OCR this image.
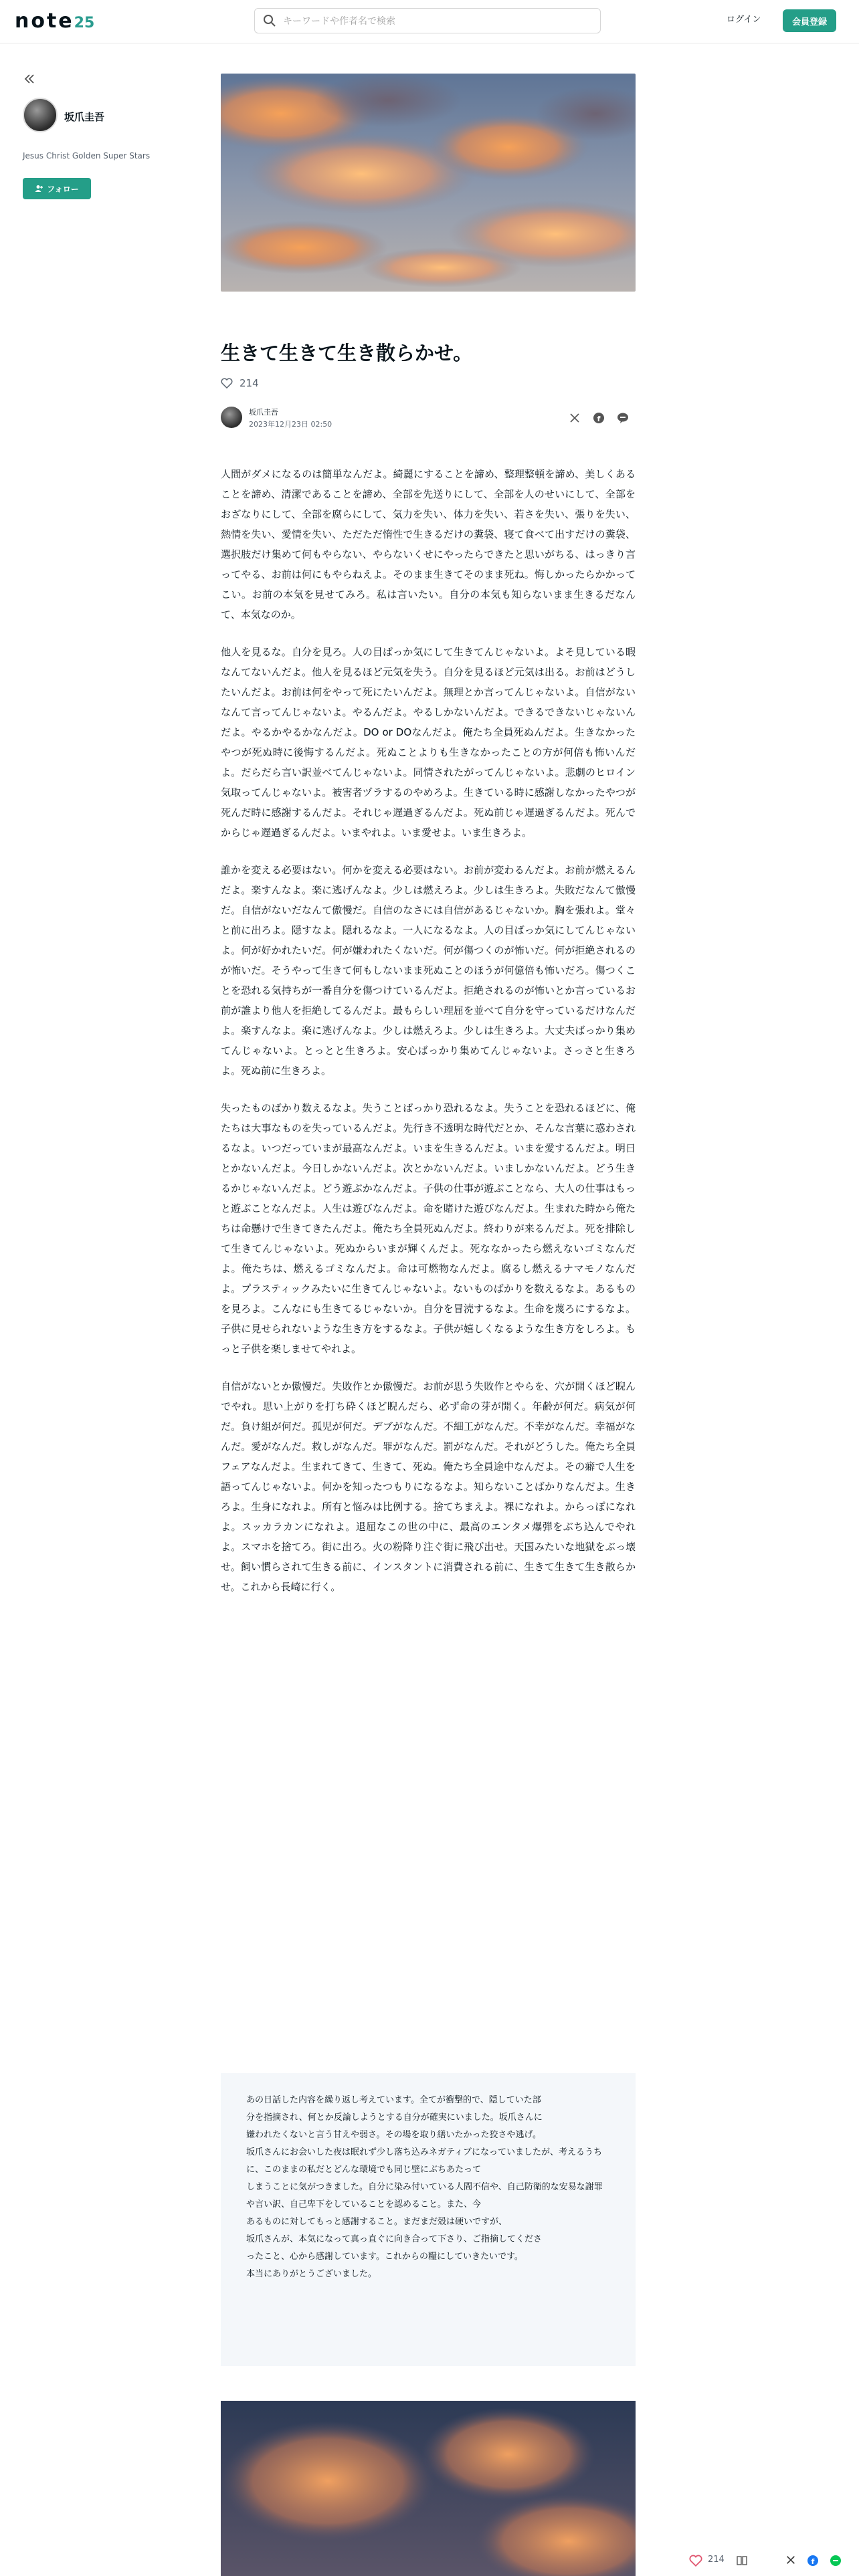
note25
キーワードや作者名で検索	ログイン	会員登録
坂爪圭吾
Jesus Christ Golden Super Stars
フォロー
生きて生きて生き散らかせ。
214
坂爪圭吾
2023年12月23日 02:50
f

人間がダメになるのは簡単なんだよ。綺麗にすることを諦め、整理整頓を諦め、美しくあることを諦め、清潔であることを諦め、全部を先送りにして、全部を人のせいにして、全部をおざなりにして、全部を腐らにして、気力を失い、体力を失い、若さを失い、張りを失い、熱情を失い、愛情を失い、ただただ惰性で生きるだけの糞袋、寝て食べて出すだけの糞袋、選択肢だけ集めて何もやらない、やらないくせにやったらできたと思いがちる、はっきり言ってやる、お前は何にもやらねえよ。そのまま生きてそのまま死ね。悔しかったらかかってこい。お前の本気を見せてみろ。私は言いたい。自分の本気も知らないまま生きるだなんて、本気なのか。

他人を見るな。自分を見ろ。人の目ばっか気にして生きてんじゃないよ。よそ見している暇なんてないんだよ。他人を見るほど元気を失う。自分を見るほど元気は出る。お前はどうしたいんだよ。お前は何をやって死にたいんだよ。無理とか言ってんじゃないよ。自信がないなんて言ってんじゃないよ。やるんだよ。やるしかないんだよ。できるできないじゃないんだよ。やるかやるかなんだよ。DO or DOなんだよ。俺たち全員死ぬんだよ。生きなかったやつが死ぬ時に後悔するんだよ。死ぬことよりも生きなかったことの方が何倍も怖いんだよ。だらだら言い訳並べてんじゃないよ。同情されたがってんじゃないよ。悲劇のヒロイン気取ってんじゃないよ。被害者ヅラするのやめろよ。生きている時に感謝しなかったやつが死んだ時に感謝するんだよ。それじゃ遅過ぎるんだよ。死ぬ前じゃ遅過ぎるんだよ。死んでからじゃ遅過ぎるんだよ。いまやれよ。いま愛せよ。いま生きろよ。

誰かを変える必要はない。何かを変える必要はない。お前が変わるんだよ。お前が燃えるんだよ。楽すんなよ。楽に逃げんなよ。少しは燃えろよ。少しは生きろよ。失敗だなんて傲慢だ。自信がないだなんて傲慢だ。自信のなさには自信があるじゃないか。胸を張れよ。堂々と前に出ろよ。隠すなよ。隠れるなよ。一人になるなよ。人の目ばっか気にしてんじゃないよ。何が好かれたいだ。何が嫌われたくないだ。何が傷つくのが怖いだ。何が拒絶されるのが怖いだ。そうやって生きて何もしないまま死ぬことのほうが何億倍も怖いだろ。傷つくことを恐れる気持ちが一番自分を傷つけているんだよ。拒絶されるのが怖いとか言っているお前が誰より他人を拒絶してるんだよ。最もらしい理屈を並べて自分を守っているだけなんだよ。楽すんなよ。楽に逃げんなよ。少しは燃えろよ。少しは生きろよ。大丈夫ばっかり集めてんじゃないよ。とっとと生きろよ。安心ばっかり集めてんじゃないよ。さっさと生きろよ。死ぬ前に生きろよ。

失ったものばかり数えるなよ。失うことばっかり恐れるなよ。失うことを恐れるほどに、俺たちは大事なものを失っているんだよ。先行き不透明な時代だとか、そんな言葉に惑わされるなよ。いつだっていまが最高なんだよ。いまを生きるんだよ。いまを愛するんだよ。明日とかないんだよ。今日しかないんだよ。次とかないんだよ。いましかないんだよ。どう生きるかじゃないんだよ。どう遊ぶかなんだよ。子供の仕事が遊ぶことなら、大人の仕事はもっと遊ぶことなんだよ。人生は遊びなんだよ。命を賭けた遊びなんだよ。生まれた時から俺たちは命懸けで生きてきたんだよ。俺たち全員死ぬんだよ。終わりが来るんだよ。死を排除して生きてんじゃないよ。死ぬからいまが輝くんだよ。死ななかったら燃えないゴミなんだよ。俺たちは、燃えるゴミなんだよ。命は可燃物なんだよ。腐るし燃えるナマモノなんだよ。プラスティックみたいに生きてんじゃないよ。ないものばかりを数えるなよ。あるものを見ろよ。こんなにも生きてるじゃないか。自分を冒涜するなよ。生命を蔑ろにするなよ。子供に見せられないような生き方をするなよ。子供が嬉しくなるような生き方をしろよ。もっと子供を楽しませてやれよ。

自信がないとか傲慢だ。失敗作とか傲慢だ。お前が思う失敗作とやらを、穴が開くほど睨んでやれ。思い上がりを打ち砕くほど睨んだら、必ず命の芽が開く。年齢が何だ。病気が何だ。負け組が何だ。孤児が何だ。デブがなんだ。不細工がなんだ。不幸がなんだ。幸福がなんだ。愛がなんだ。救しがなんだ。罪がなんだ。罰がなんだ。それがどうした。俺たち全員フェアなんだよ。生まれてきて、生きて、死ぬ。俺たち全員途中なんだよ。その癖で人生を語ってんじゃないよ。何かを知ったつもりになるなよ。知らないことばかりなんだよ。生きろよ。生身になれよ。所有と悩みは比例する。捨てちまえよ。裸になれよ。からっぽになれよ。スッカラカンになれよ。退屈なこの世の中に、最高のエンタメ爆弾をぶち込んでやれよ。スマホを捨てろ。街に出ろ。火の粉降り注ぐ街に飛び出せ。天国みたいな地獄をぶっ壊せ。飼い慣らされて生きる前に、インスタントに消費される前に、生きて生きて生き散らかせ。これから長崎に行く。

あの日話した内容を繰り返し考えています。全てが衝撃的で、隠していた部

分を指摘され、何とか反論しようとする自分が確実にいました。坂爪さんに

嫌われたくないと言う甘えや弱さ。その場を取り繕いたかった狡さや逃げ。

坂爪さんにお会いした夜は眠れず少し落ち込みネガティブになっていましたが、考えるうちに、このままの私だとどんな環境でも同じ壁にぶちあたって

しまうことに気がつきました。自分に染み付いている人間不信や、自己防衛的な安易な謝罪や言い訳、自己卑下をしていることを認めること。また、今

あるものに対してもっと感謝すること。まだまだ殻は硬いですが、

坂爪さんが、本気になって真っ直ぐに向き合って下さり、ご指摘してくださ

ったこと、心から感謝しています。これからの糧にしていきたいです。

本当にありがとうございました。

214	f
